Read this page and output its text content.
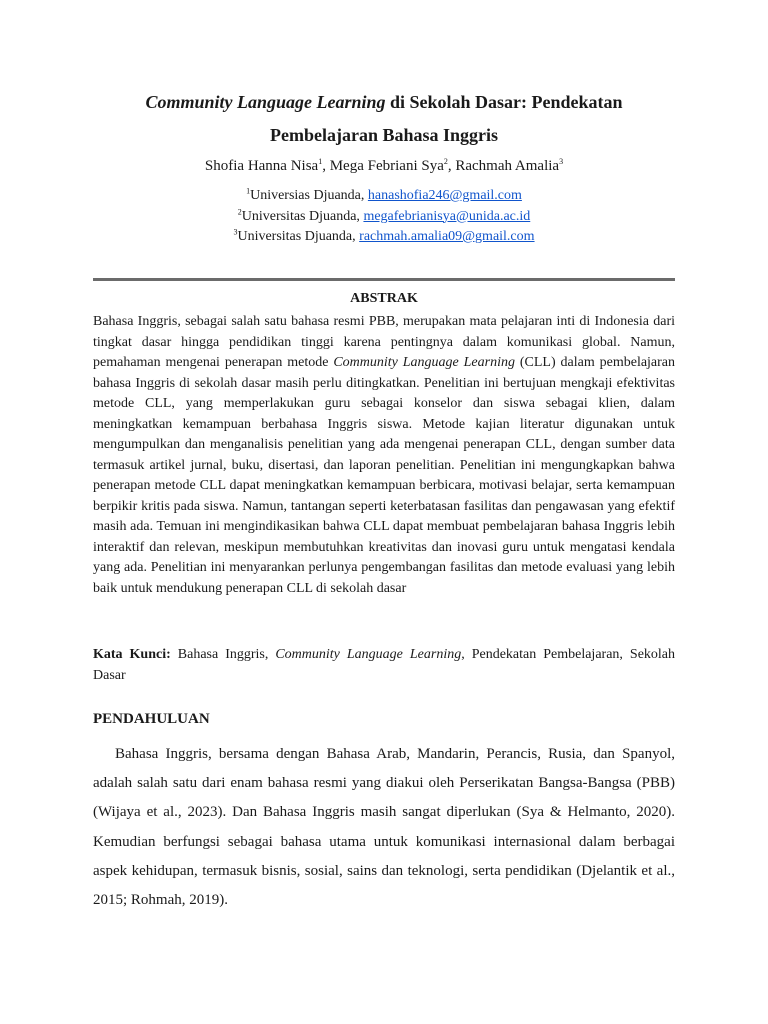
Community Language Learning di Sekolah Dasar: Pendekatan
Pembelajaran Bahasa Inggris
Shofia Hanna Nisa$^1$, Mega Febriani Sya$^2$, Rachmah Amalia$^3$
$^1$Universias Djuanda, hanashofia246@gmail.com
$^2$Universitas Djuanda, megafebrianisya@unida.ac.id
$^3$Universitas Djuanda, rachmah.amalia09@gmail.com
ABSTRAK
Bahasa Inggris, sebagai salah satu bahasa resmi PBB, merupakan mata pelajaran inti di Indonesia dari tingkat dasar hingga pendidikan tinggi karena pentingnya dalam komunikasi global. Namun, pemahaman mengenai penerapan metode Community Language Learning (CLL) dalam pembelajaran bahasa Inggris di sekolah dasar masih perlu ditingkatkan. Penelitian ini bertujuan mengkaji efektivitas metode CLL, yang memperlakukan guru sebagai konselor dan siswa sebagai klien, dalam meningkatkan kemampuan berbahasa Inggris siswa. Metode kajian literatur digunakan untuk mengumpulkan dan menganalisis penelitian yang ada mengenai penerapan CLL, dengan sumber data termasuk artikel jurnal, buku, disertasi, dan laporan penelitian. Penelitian ini mengungkapkan bahwa penerapan metode CLL dapat meningkatkan kemampuan berbicara, motivasi belajar, serta kemampuan berpikir kritis pada siswa. Namun, tantangan seperti keterbatasan fasilitas dan pengawasan yang efektif masih ada. Temuan ini mengindikasikan bahwa CLL dapat membuat pembelajaran bahasa Inggris lebih interaktif dan relevan, meskipun membutuhkan kreativitas dan inovasi guru untuk mengatasi kendala yang ada. Penelitian ini menyarankan perlunya pengembangan fasilitas dan metode evaluasi yang lebih baik untuk mendukung penerapan CLL di sekolah dasar
Kata Kunci: Bahasa Inggris, Community Language Learning, Pendekatan Pembelajaran, Sekolah Dasar
PENDAHULUAN
Bahasa Inggris, bersama dengan Bahasa Arab, Mandarin, Perancis, Rusia, dan Spanyol, adalah salah satu dari enam bahasa resmi yang diakui oleh Perserikatan Bangsa-Bangsa (PBB) (Wijaya et al., 2023). Dan Bahasa Inggris masih sangat diperlukan (Sya & Helmanto, 2020). Kemudian berfungsi sebagai bahasa utama untuk komunikasi internasional dalam berbagai aspek kehidupan, termasuk bisnis, sosial, sains dan teknologi, serta pendidikan (Djelantik et al., 2015; Rohmah, 2019).
